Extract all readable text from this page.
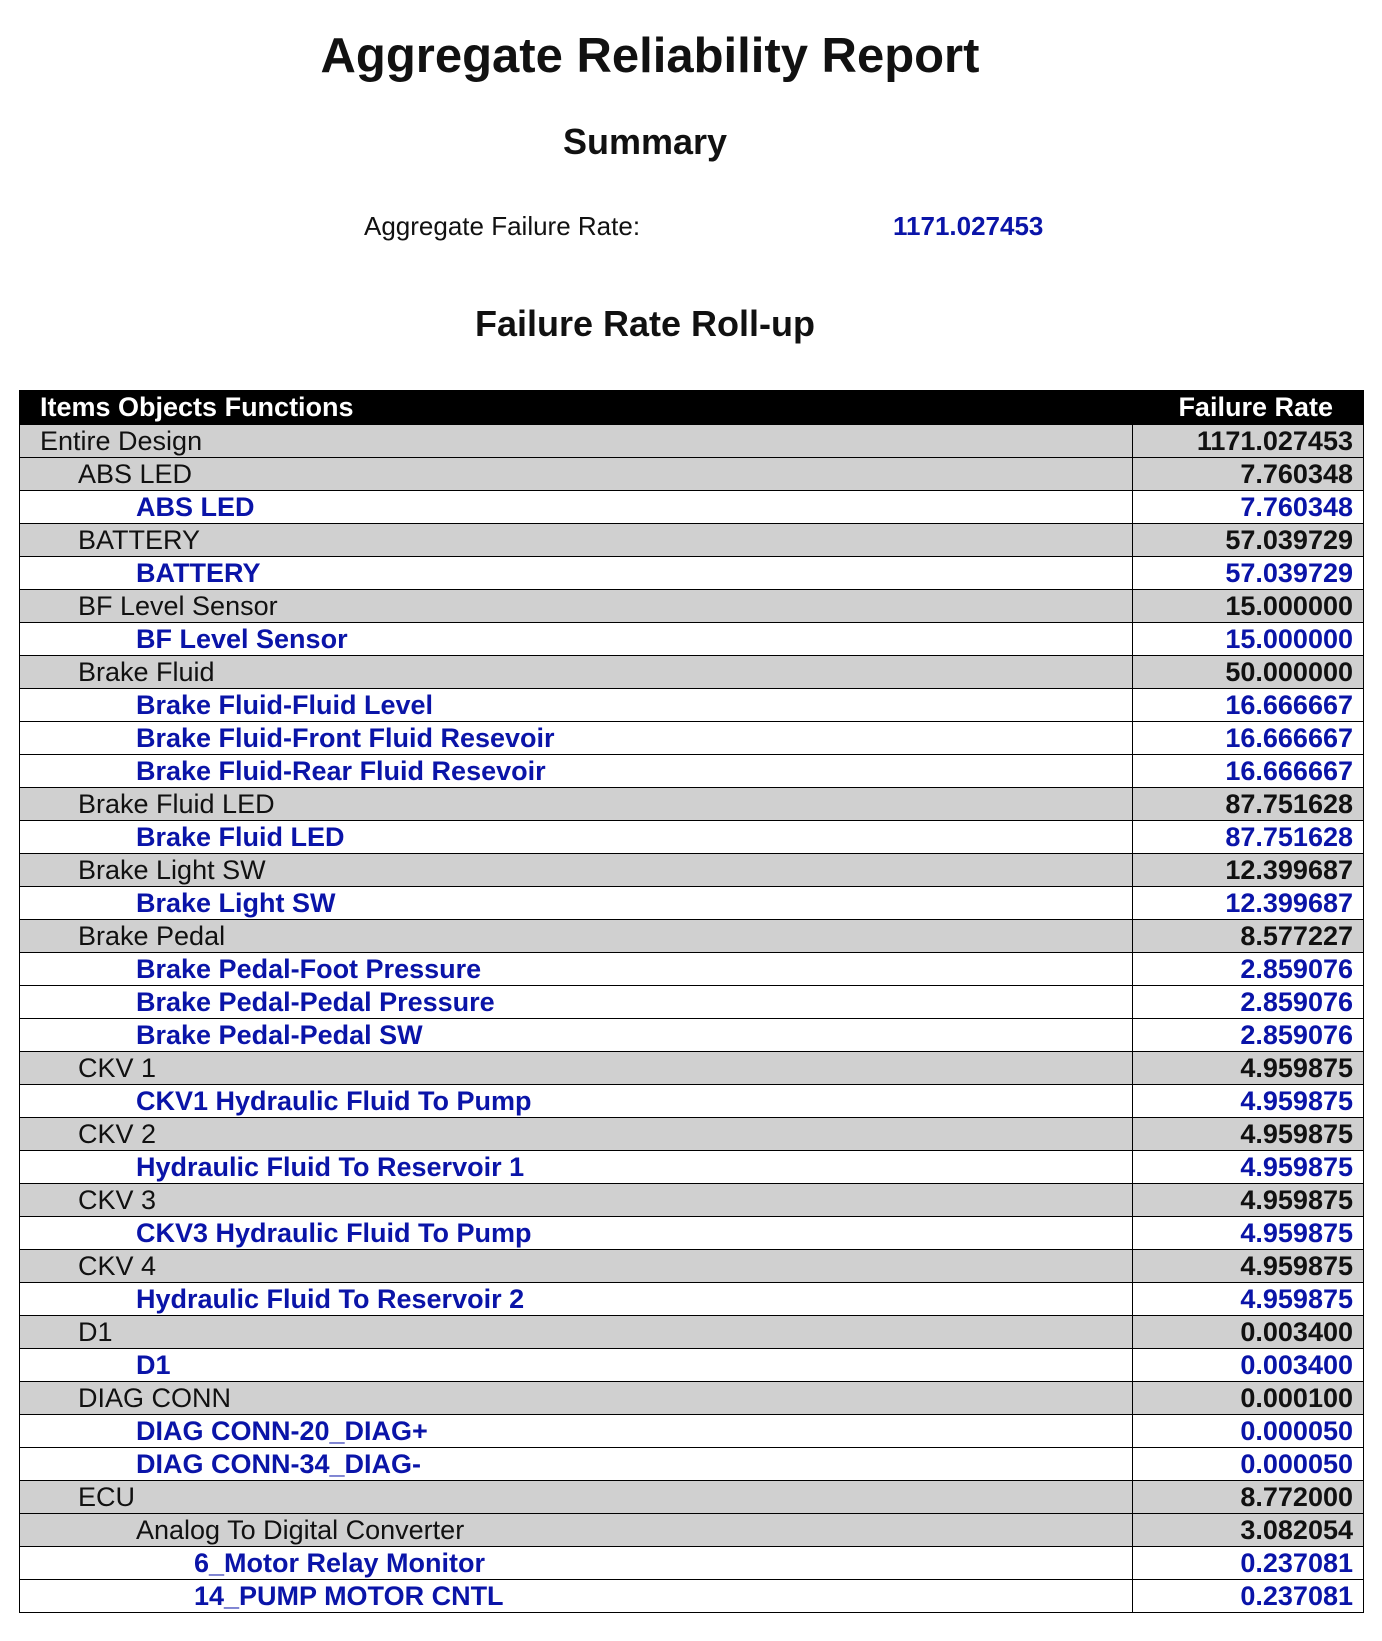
Aggregate Reliability Report
Summary
Aggregate Failure Rate:	1171.027453
Failure Rate Roll-up
Items Objects Functions	Failure Rate
Entire Design	1171.027453
ABS LED	7.760348
ABS LED	7.760348
BATTERY	57.039729
BATTERY	57.039729
BF Level Sensor	15.000000
BF Level Sensor	15.000000
Brake Fluid	50.000000
Brake Fluid-Fluid Level	16.666667
Brake Fluid-Front Fluid Resevoir	16.666667
Brake Fluid-Rear Fluid Resevoir	16.666667
Brake Fluid LED	87.751628
Brake Fluid LED	87.751628
Brake Light SW	12.399687
Brake Light SW	12.399687
Brake Pedal	8.577227
Brake Pedal-Foot Pressure	2.859076
Brake Pedal-Pedal Pressure	2.859076
Brake Pedal-Pedal SW	2.859076
CKV 1	4.959875
CKV1 Hydraulic Fluid To Pump	4.959875
CKV 2	4.959875
Hydraulic Fluid To Reservoir 1	4.959875
CKV 3	4.959875
CKV3 Hydraulic Fluid To Pump	4.959875
CKV 4	4.959875
Hydraulic Fluid To Reservoir 2	4.959875
D1	0.003400
D1	0.003400
DIAG CONN	0.000100
DIAG CONN-20_DIAG+	0.000050
DIAG CONN-34_DIAG-	0.000050
ECU	8.772000
Analog To Digital Converter	3.082054
6_Motor Relay Monitor	0.237081
14_PUMP MOTOR CNTL	0.237081
